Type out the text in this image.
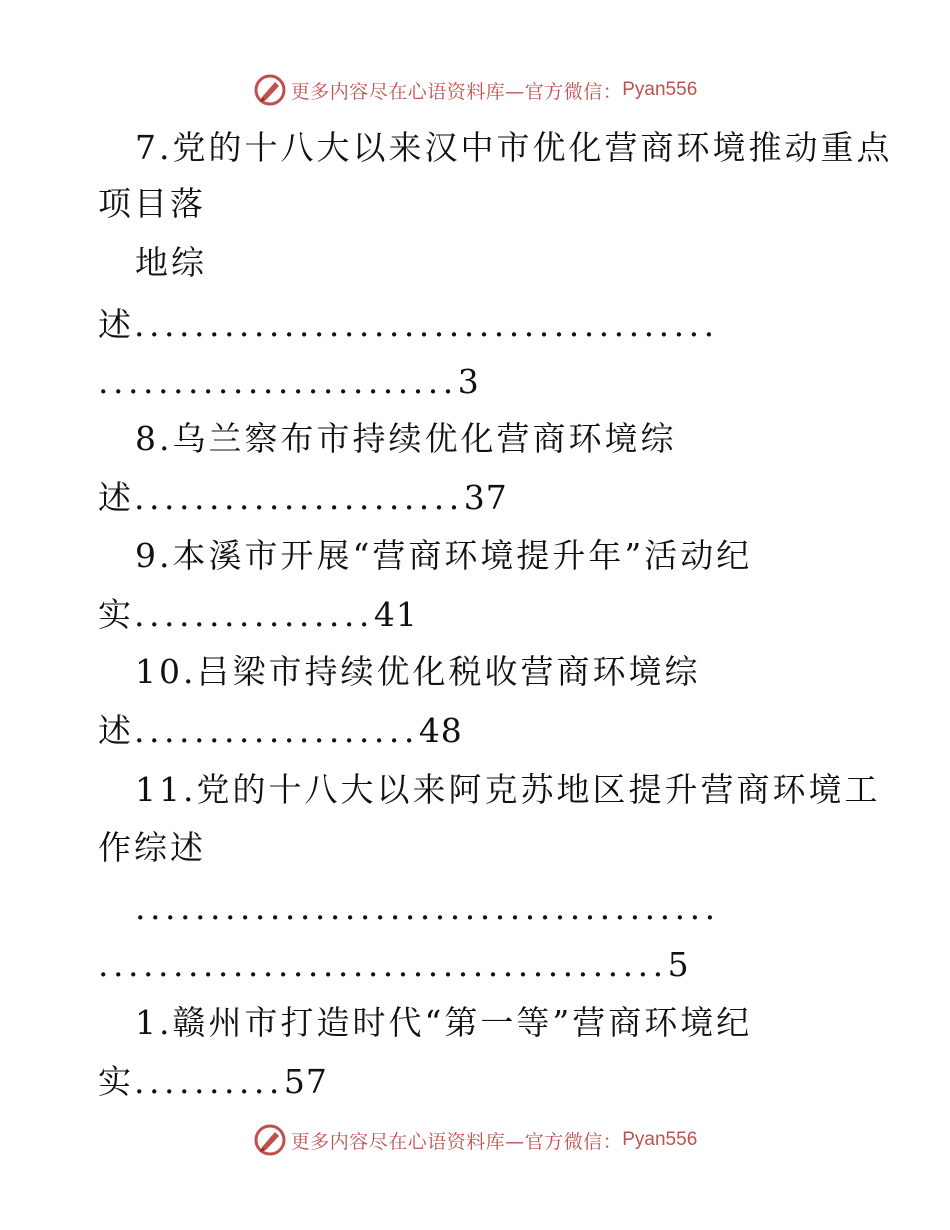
更多内容尽在心语资料库—官方微信： Pyan556
7.党的十八大以来汉中市优化营商环境推动重点
项目落
地综
述.......................................
........................3
8.乌兰察布市持续优化营商环境综
述......................37
9.本溪市开展“营商环境提升年”活动纪
实................41
10.吕梁市持续优化税收营商环境综
述...................48
11.党的十八大以来阿克苏地区提升营商环境工
作综述
.......................................
......................................5
1.赣州市打造时代“第一等”营商环境纪
实..........57
更多内容尽在心语资料库—官方微信： Pyan556
